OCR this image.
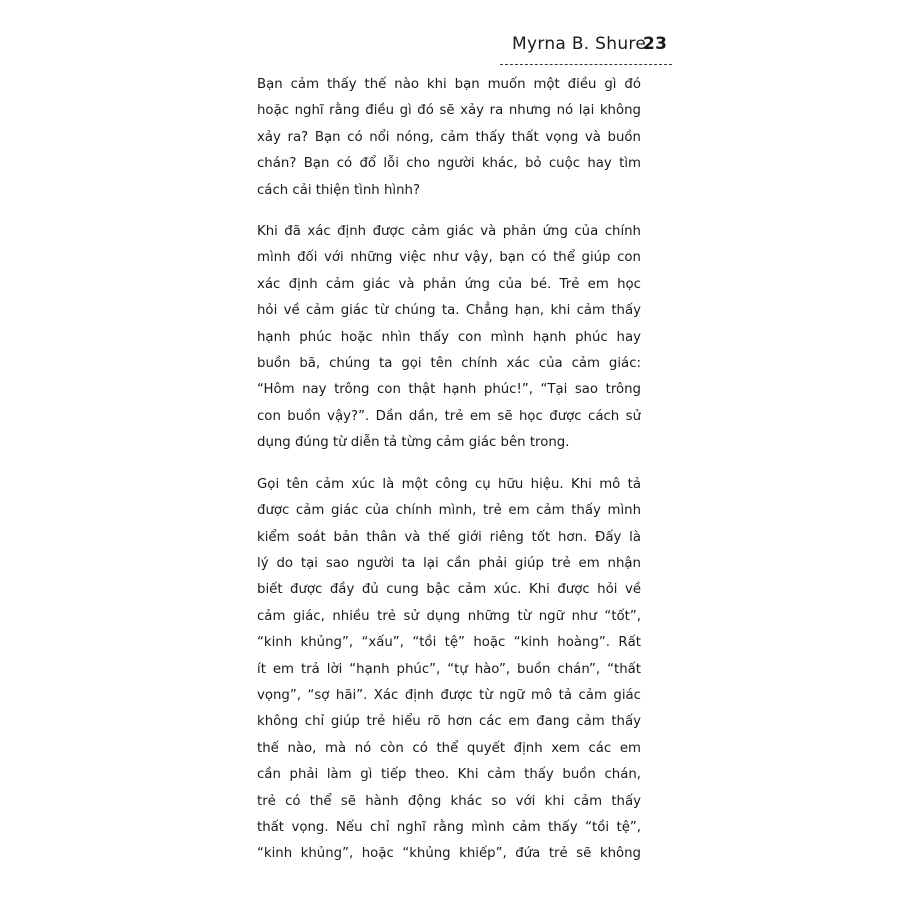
Myrna B. Shure
23
Bạn cảm thấy thế nào khi bạn muốn một điều gì đó
hoặc nghĩ rằng điều gì đó sẽ xảy ra nhưng nó lại không
xảy ra? Bạn có nổi nóng, cảm thấy thất vọng và buồn
chán? Bạn có đổ lỗi cho người khác, bỏ cuộc hay tìm
cách cải thiện tình hình?
Khi đã xác định được cảm giác và phản ứng của chính
mình đối với những việc như vậy, bạn có thể giúp con
xác định cảm giác và phản ứng của bé. Trẻ em học
hỏi về cảm giác từ chúng ta. Chẳng hạn, khi cảm thấy
hạnh phúc hoặc nhìn thấy con mình hạnh phúc hay
buồn bã, chúng ta gọi tên chính xác của cảm giác:
“Hôm nay trông con thật hạnh phúc!”, “Tại sao trông
con buồn vậy?”. Dần dần, trẻ em sẽ học được cách sử
dụng đúng từ diễn tả từng cảm giác bên trong.
Gọi tên cảm xúc là một công cụ hữu hiệu. Khi mô tả
được cảm giác của chính mình, trẻ em cảm thấy mình
kiểm soát bản thân và thế giới riêng tốt hơn. Đấy là
lý do tại sao người ta lại cần phải giúp trẻ em nhận
biết được đầy đủ cung bậc cảm xúc. Khi được hỏi về
cảm giác, nhiều trẻ sử dụng những từ ngữ như “tốt”,
“kinh khủng”, “xấu”, “tồi tệ” hoặc “kinh hoàng”. Rất
ít em trả lời “hạnh phúc”, “tự hào”, buồn chán”, “thất
vọng”, “sợ hãi”. Xác định được từ ngữ mô tả cảm giác
không chỉ giúp trẻ hiểu rõ hơn các em đang cảm thấy
thế nào, mà nó còn có thể quyết định xem các em
cần phải làm gì tiếp theo. Khi cảm thấy buồn chán,
trẻ có thể sẽ hành động khác so với khi cảm thấy
thất vọng. Nếu chỉ nghĩ rằng mình cảm thấy “tồi tệ”,
“kinh khủng”, hoặc “khủng khiếp”, đứa trẻ sẽ không
